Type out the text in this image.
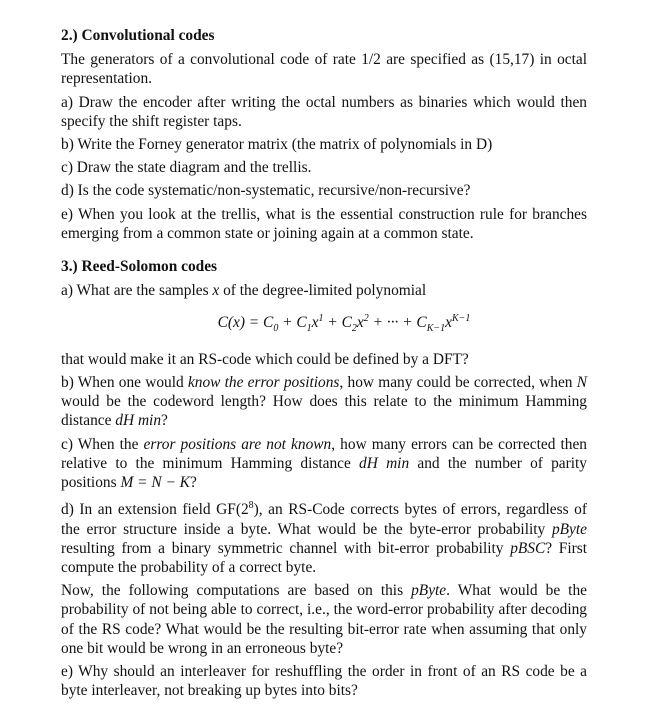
2.) Convolutional codes

The generators of a convolutional code of rate 1/2 are specified as (15,17) in octal representation.

a) Draw the encoder after writing the octal numbers as binaries which would then specify the shift register taps.

b) Write the Forney generator matrix (the matrix of polynomials in D)

c) Draw the state diagram and the trellis.

d) Is the code systematic/non-systematic, recursive/non-recursive?

e) When you look at the trellis, what is the essential construction rule for branches emerging from a common state or joining again at a common state.

3.) Reed-Solomon codes

a) What are the samples x of the degree-limited polynomial

$C(x) = C_0 + C_1x^1 + C_2x^2$ + ··· + $C_{K-1}x^{K-1}$

that would make it an RS-code which could be defined by a DFT?

b) When one would know the error positions, how many could be corrected, when N would be the codeword length? How does this relate to the minimum Hamming distance dH min?

c) When the error positions are not known, how many errors can be corrected then relative to the minimum Hamming distance dH min and the number of parity positions M = N − K?

d) In an extension field $GF(2^8)$, an RS-Code corrects bytes of errors, regardless of the error structure inside a byte. What would be the byte-error probability pByte resulting from a binary symmetric channel with bit-error probability pBSC? First compute the probability of a correct byte.

Now, the following computations are based on this pByte. What would be the probability of not being able to correct, i.e., the word-error probability after decoding of the RS code? What would be the resulting bit-error rate when assuming that only one bit would be wrong in an erroneous byte?

e) Why should an interleaver for reshuffling the order in front of an RS code be a byte interleaver, not breaking up bytes into bits?
